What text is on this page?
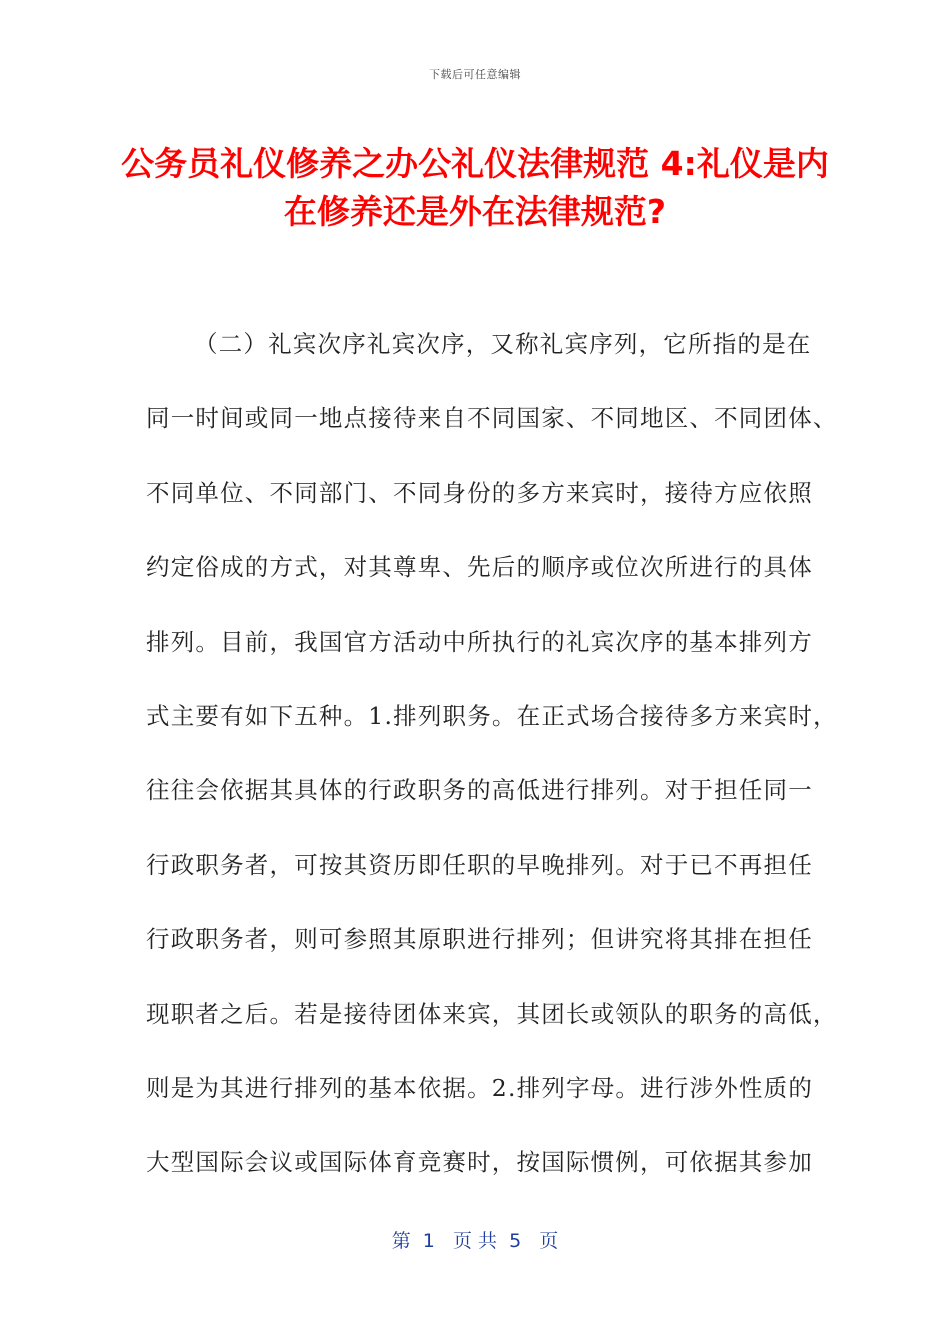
下载后可任意编辑
公务员礼仪修养之办公礼仪法律规范 4:礼仪是内在修养还是外在法律规范?
（二）礼宾次序礼宾次序，又称礼宾序列，它所指的是在
同一时间或同一地点接待来自不同国家、不同地区、不同团体、
不同单位、不同部门、不同身份的多方来宾时，接待方应依照
约定俗成的方式，对其尊卑、先后的顺序或位次所进行的具体
排列。目前，我国官方活动中所执行的礼宾次序的基本排列方
式主要有如下五种。1.排列职务。在正式场合接待多方来宾时，
往往会依据其具体的行政职务的高低进行排列。对于担任同一
行政职务者，可按其资历即任职的早晚排列。对于已不再担任
行政职务者，则可参照其原职进行排列；但讲究将其排在担任
现职者之后。若是接待团体来宾，其团长或领队的职务的高低，
则是为其进行排列的基本依据。2.排列字母。进行涉外性质的
大型国际会议或国际体育竞赛时，按国际惯例，可依据其参加
第  1   页 共  5   页
